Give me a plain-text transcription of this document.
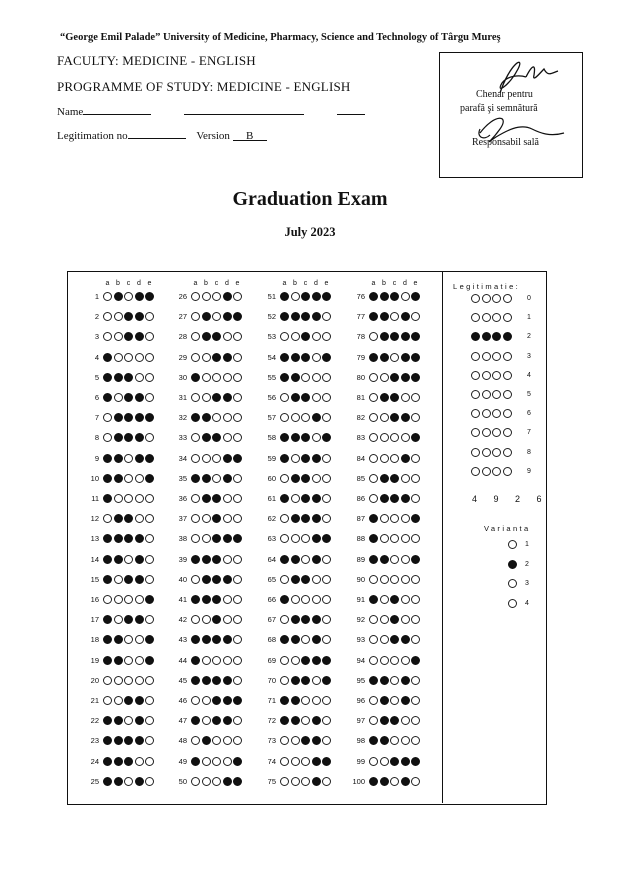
“George Emil Palade” University of Medicine, Pharmacy, Science and Technology of Târgu Mureş
FACULTY: MEDICINE - ENGLISH
PROGRAMME OF STUDY: MEDICINE - ENGLISH
Name
Legitimation no	Version B
Chenar pentru
parafă şi semnătură
Responsabil sală
Graduation Exam
July 2023
a b c d e
1
2
3
4
5
6
7
8
9
10
11
12
13
14
15
16
17
18
19
20
21
22
23
24
25
a b c d e
26
27
28
29
30
31
32
33
34
35
36
37
38
39
40
41
42
43
44
45
46
47
48
49
50
a b c d e
51
52
53
54
55
56
57
58
59
60
61
62
63
64
65
66
67
68
69
70
71
72
73
74
75
a b c d e
76
77
78
79
80
81
82
83
84
85
86
87
88
89
90
91
92
93
94
95
96
97
98
99
100
Legitimatie:
0
1
2
3
4
5
6
7
8
9
4 9 2 6
Varianta
1
2
3
4
